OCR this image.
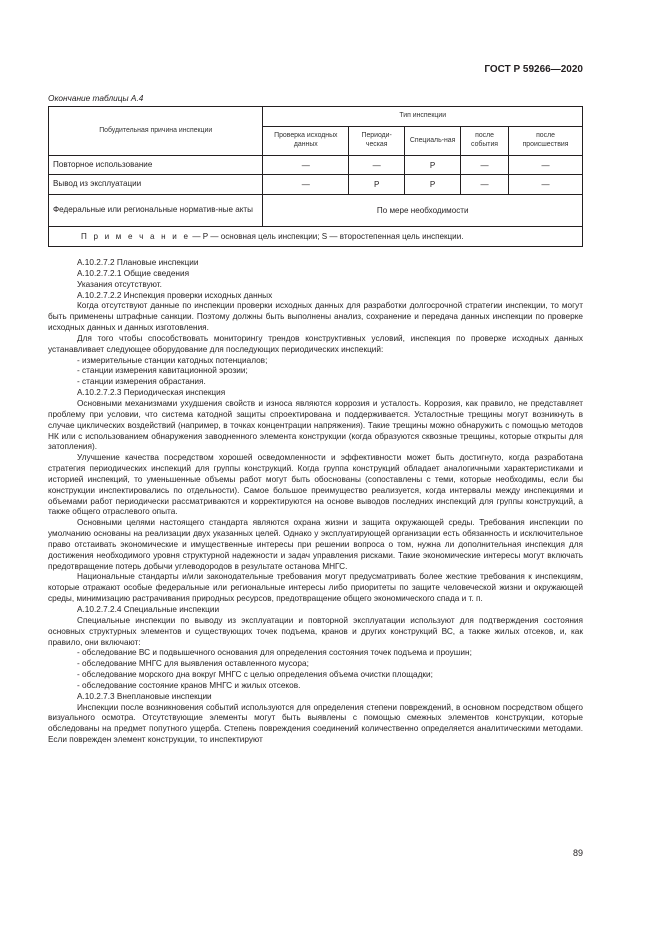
ГОСТ Р 59266—2020
Окончание таблицы А.4
Побудительная причина инспекции	Тип инспекции				
	Проверка исходных данных	Периоди-ческая	Специаль-ная	после события	после происшествия
Повторное использование	—	—	Р	—	—
Вывод из эксплуатации	—	Р	Р	—	—
Федеральные или региональные норматив-ные акты	По мере необходимости				
П р и м е ч а н и е — Р — основная цель инспекции; S — второстепенная цель инспекции.					

А.10.2.7.2 Плановые инспекции

А.10.2.7.2.1 Общие сведения

Указания отсутствуют.

А.10.2.7.2.2 Инспекция проверки исходных данных

Когда отсутствуют данные по инспекции проверки исходных данных для разработки долгосрочной стратегии инспекции, то могут быть применены штрафные санкции. Поэтому должны быть выполнены анализ, сохранение и передача данных инспекции по проверке исходных данных и данных изготовления.

Для того чтобы способствовать мониторингу трендов конструктивных условий, инспекция по проверке исходных данных устанавливает следующее оборудование для последующих периодических инспекций:

- измерительные станции катодных потенциалов;

- станции измерения кавитационной эрозии;

- станции измерения обрастания.

А.10.2.7.2.3 Периодическая инспекция

Основными механизмами ухудшения свойств и износа являются коррозия и усталость. Коррозия, как правило, не представляет проблему при условии, что система катодной защиты спроектирована и поддерживается. Усталостные трещины могут возникнуть в случае циклических воздействий (например, в точках концентрации напряжения). Такие трещины можно обнаружить с помощью методов НК или с использованием обнаружения заводненного элемента конструкции (когда образуются сквозные трещины, которые открыты для затопления).

Улучшение качества посредством хорошей осведомленности и эффективности может быть достигнуто, когда разработана стратегия периодических инспекций для группы конструкций. Когда группа конструкций обладает аналогичными характеристиками и историей инспекций, то уменьшенные объемы работ могут быть обоснованы (сопоставлены с теми, которые необходимы, если бы конструкции инспектировались по отдельности). Самое большое преимущество реализуется, когда интервалы между инспекциями и объемами работ периодически рассматриваются и корректируются на основе выводов последних инспекций для группы конструкций, а также общего отраслевого опыта.

Основными целями настоящего стандарта являются охрана жизни и защита окружающей среды. Требования инспекции по умолчанию основаны на реализации двух указанных целей. Однако у эксплуатирующей организации есть обязанность и исключительное право отстаивать экономические и имущественные интересы при решении вопроса о том, нужна ли дополнительная инспекция для достижения необходимого уровня структурной надежности и задач управления рисками. Такие экономические интересы могут включать предотвращение потерь добычи углеводородов в результате останова МНГС.

Национальные стандарты и/или законодательные требования могут предусматривать более жесткие требования к инспекциям, которые отражают особые федеральные или региональные интересы либо приоритеты по защите человеческой жизни и окружающей среды, минимизацию растрачивания природных ресурсов, предотвращение общего экономического спада и т. п.

А.10.2.7.2.4 Специальные инспекции

Специальные инспекции по выводу из эксплуатации и повторной эксплуатации используют для подтверждения состояния основных структурных элементов и существующих точек подъема, кранов и других конструкций ВС, а также жилых отсеков, и, как правило, они включают:

- обследование ВС и подвышечного основания для определения состояния точек подъема и проушин;

- обследование МНГС для выявления оставленного мусора;

- обследование морского дна вокруг МНГС с целью определения объема очистки площадки;

- обследование состояние кранов МНГС и жилых отсеков.

А.10.2.7.3 Внеплановые инспекции

Инспекции после возникновения событий используются для определения степени повреждений, в основном посредством общего визуального осмотра. Отсутствующие элементы могут быть выявлены с помощью смежных элементов конструкции, которые обследованы на предмет попутного ущерба. Степень повреждения соединений количественно определяется аналитическими методами. Если поврежден элемент конструкции, то инспектируют

89
